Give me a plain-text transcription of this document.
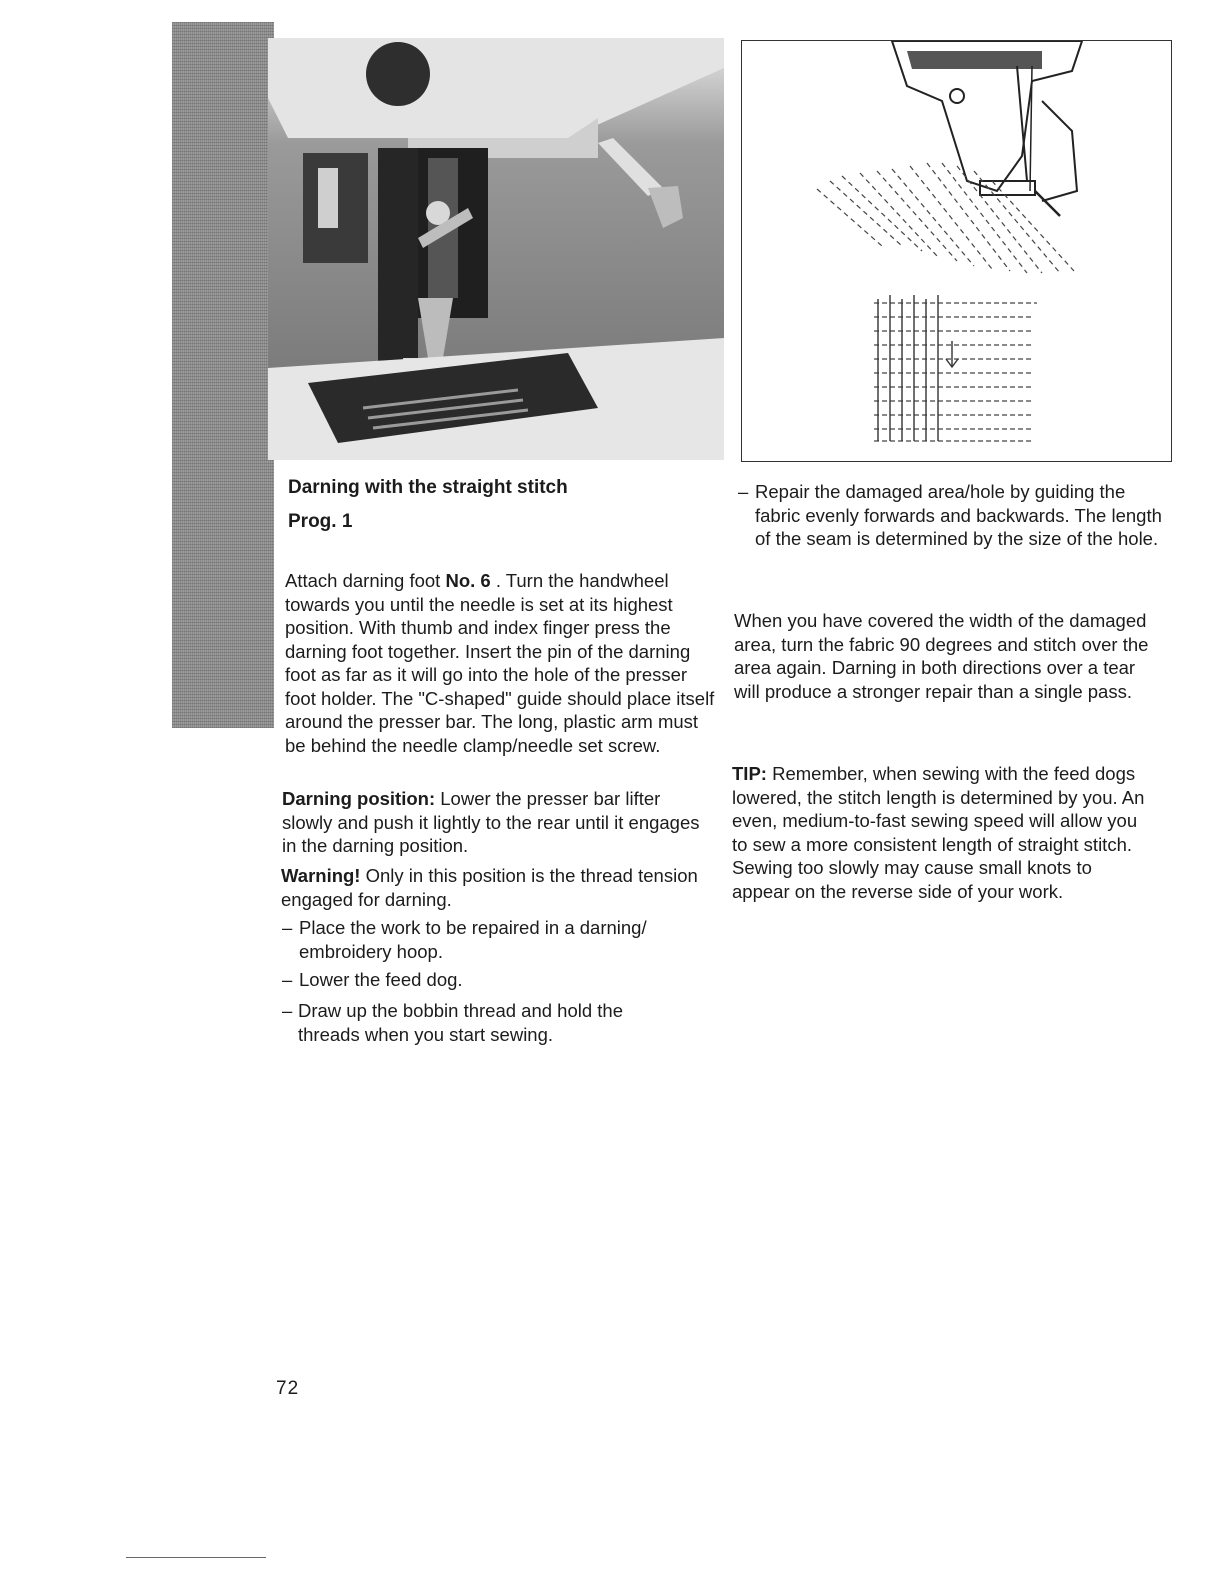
Darning with the straight stitch
Prog. 1

Attach darning foot No. 6 . Turn the handwheel towards you until the needle is set at its highest position. With thumb and index finger press the darning foot together. Insert the pin of the darning foot as far as it will go into the hole of the presser foot holder. The "C-shaped" guide should place itself around the presser bar. The long, plastic arm must be behind the needle clamp/needle set screw.

Darning position: Lower the presser bar lifter slowly and push it lightly to the rear until it engages in the darning position.

Warning! Only in this position is the thread tension engaged for darning.

– Place the work to be repaired in a darning/ embroidery hoop.

– Lower the feed dog.

– Draw up the bobbin thread and hold the threads when you start sewing.

– Repair the damaged area/hole by guiding the fabric evenly forwards and backwards. The length of the seam is determined by the size of the hole.

When you have covered the width of the damaged area, turn the fabric 90 degrees and stitch over the area again. Darning in both directions over a tear will produce a stronger repair than a single pass.

TIP: Remember, when sewing with the feed dogs lowered, the stitch length is determined by you. An even, medium-to-fast sewing speed will allow you to sew a more consistent length of straight stitch. Sewing too slowly may cause small knots to appear on the reverse side of your work.

72
